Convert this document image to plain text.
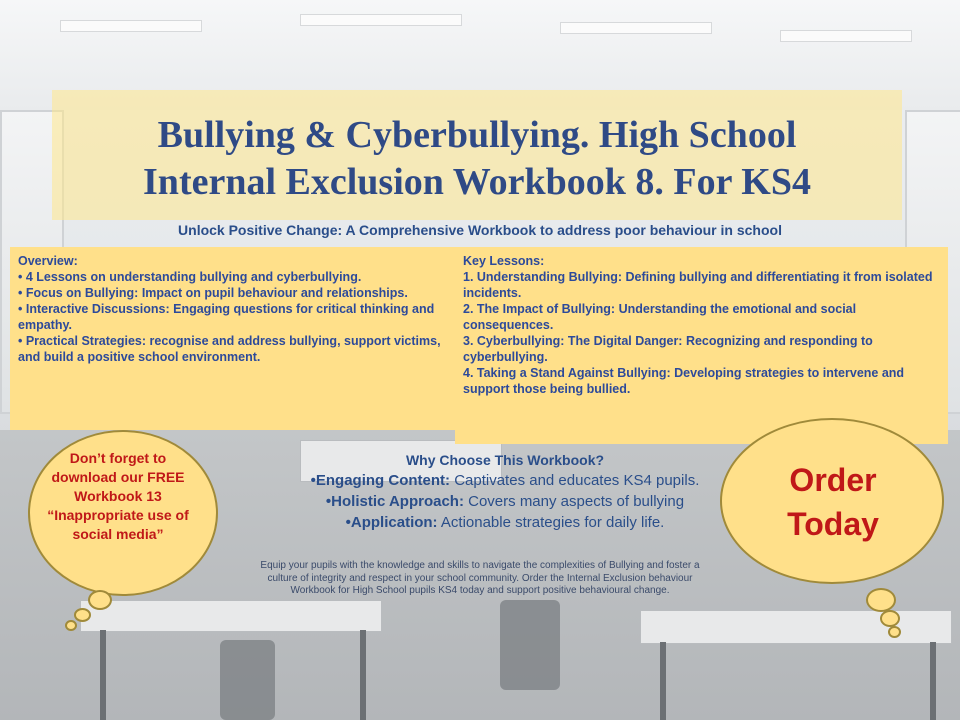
Bullying & Cyberbullying. High School
Internal Exclusion Workbook 8. For KS4
Unlock Positive Change: A Comprehensive Workbook to address poor behaviour in school

Overview:

• 4 Lessons on understanding bullying and cyberbullying.

• Focus on Bullying: Impact on pupil behaviour and relationships.

• Interactive Discussions: Engaging questions for critical thinking and empathy.

• Practical Strategies: recognise and address bullying, support victims, and build a positive school environment.

Key Lessons:

1. Understanding Bullying: Defining bullying and differentiating it from isolated incidents.

2. The Impact of Bullying: Understanding the emotional and social consequences.

3. Cyberbullying: The Digital Danger: Recognizing and responding to cyberbullying.

4. Taking a Stand Against Bullying: Developing strategies to intervene and support those being bullied.

Why Choose This Workbook?
•Engaging Content: Captivates and educates KS4 pupils.
•Holistic Approach: Covers many aspects of bullying
•Application: Actionable strategies for daily life.
Equip your pupils with the knowledge and skills to navigate the complexities of Bullying and foster a culture of integrity and respect in your school community. Order the Internal Exclusion behaviour Workbook for High School pupils KS4 today and support positive behavioural change.
Don’t forget to download our FREE Workbook 13 “Inappropriate use of social media”
Order Today
